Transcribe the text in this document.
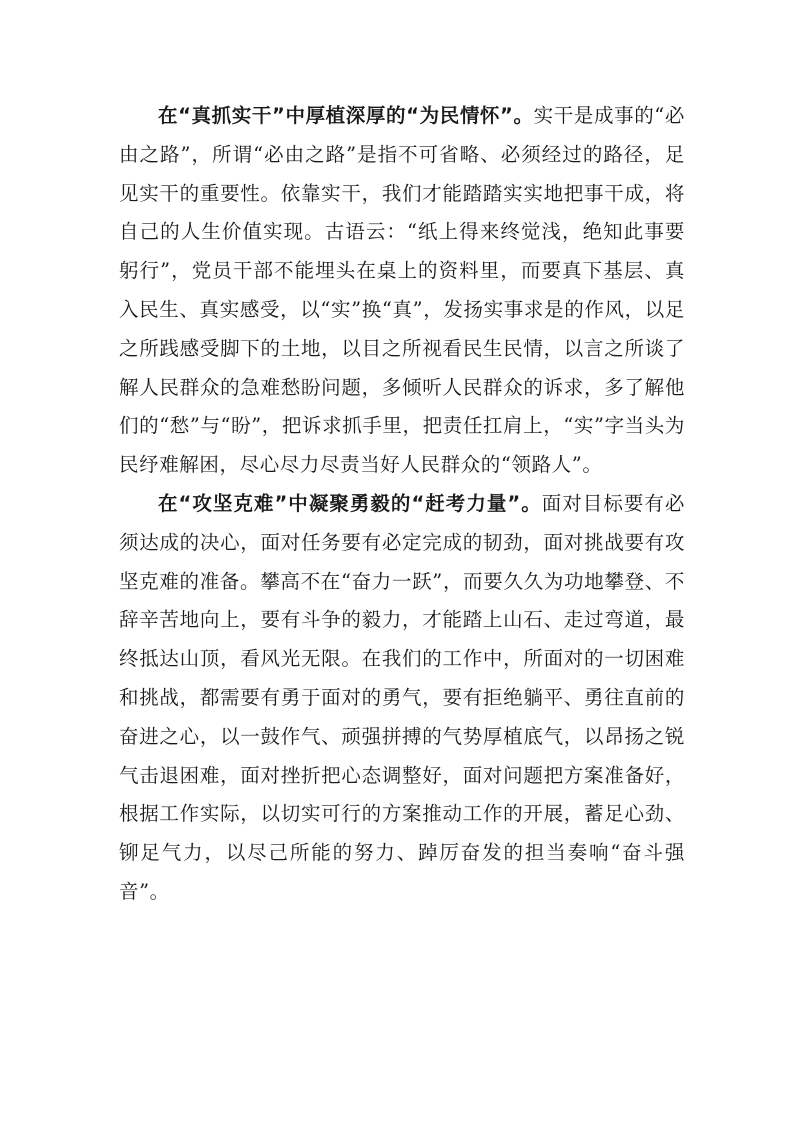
在“真抓实干”中厚植深厚的“为民情怀”。实干是成事的“必由之路”，所谓“必由之路”是指不可省略、必须经过的路径，足见实干的重要性。依靠实干，我们才能踏踏实实地把事干成，将自己的人生价值实现。古语云：“纸上得来终觉浅，绝知此事要躬行”，党员干部不能埋头在桌上的资料里，而要真下基层、真入民生、真实感受，以“实”换“真”，发扬实事求是的作风，以足之所践感受脚下的土地，以目之所视看民生民情，以言之所谈了解人民群众的急难愁盼问题，多倾听人民群众的诉求，多了解他们的“愁”与“盼”，把诉求抓手里，把责任扛肩上，“实”字当头为民纾难解困，尽心尽力尽责当好人民群众的“领路人”。

在“攻坚克难”中凝聚勇毅的“赶考力量”。面对目标要有必须达成的决心，面对任务要有必定完成的韧劲，面对挑战要有攻坚克难的准备。攀高不在“奋力一跃”，而要久久为功地攀登、不辞辛苦地向上，要有斗争的毅力，才能踏上山石、走过弯道，最终抵达山顶，看风光无限。在我们的工作中，所面对的一切困难和挑战，都需要有勇于面对的勇气，要有拒绝躺平、勇往直前的奋进之心，以一鼓作气、顽强拼搏的气势厚植底气，以昂扬之锐气击退困难，面对挫折把心态调整好，面对问题把方案准备好，根据工作实际，以切实可行的方案推动工作的开展，蓄足心劲、铆足气力，以尽己所能的努力、踔厉奋发的担当奏响“奋斗强音”。
